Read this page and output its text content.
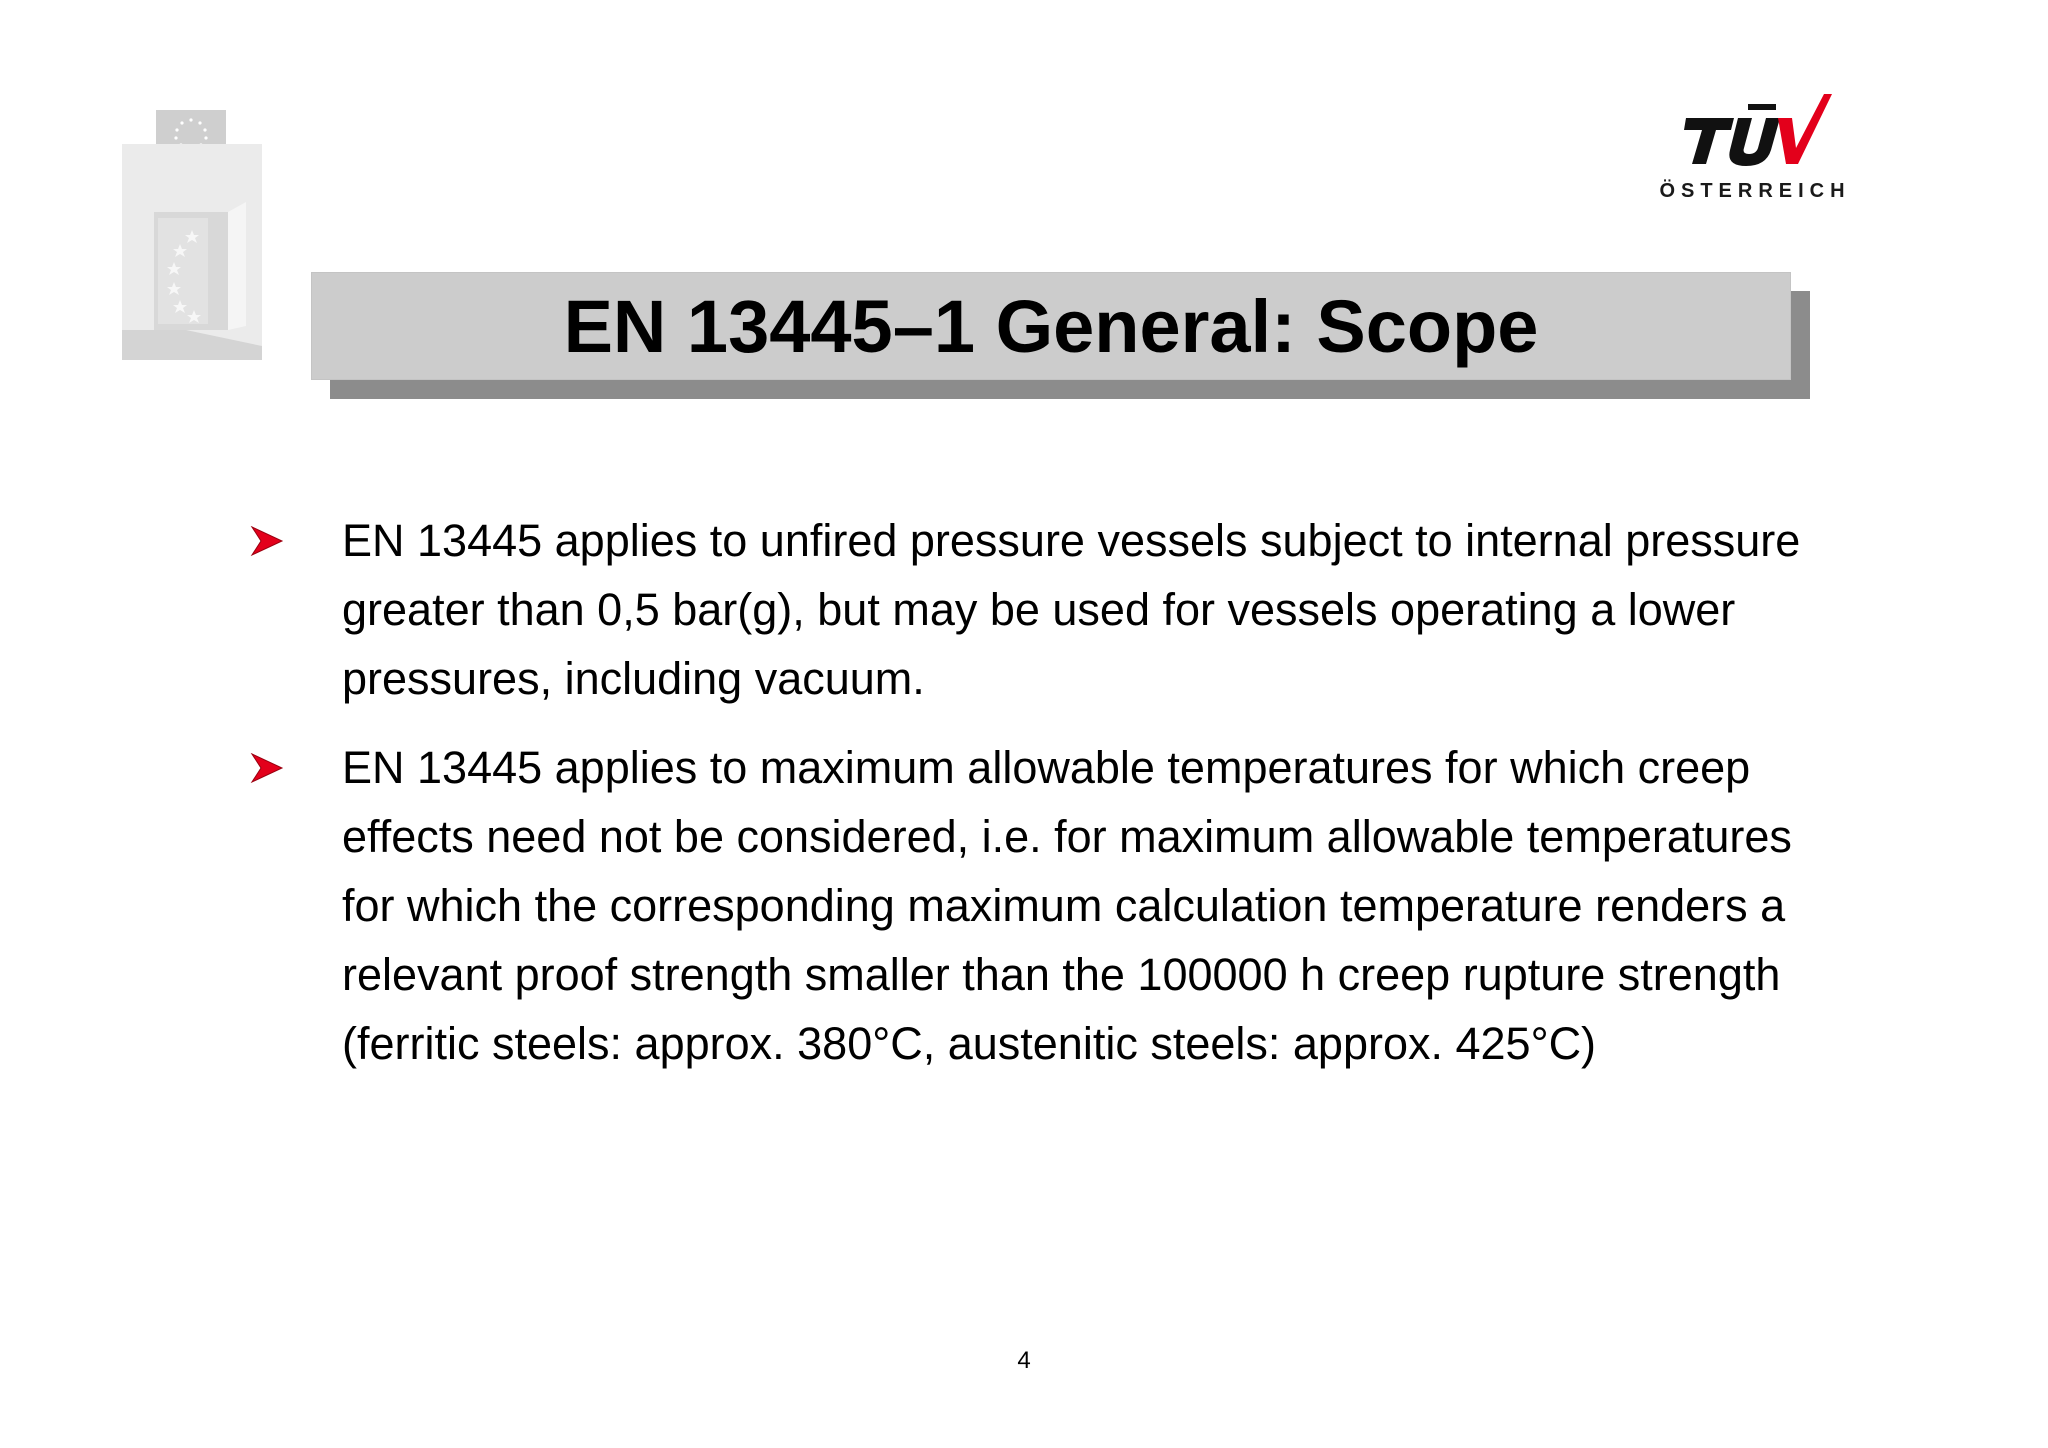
ÖSTERREICH
EN 13445–1 General: Scope
EN 13445 applies to unfired pressure vessels subject to internal pressure greater than 0,5 bar(g), but may be used for vessels operating a lower pressures, including vacuum.
EN 13445 applies to maximum allowable temperatures for which creep effects need not be considered, i.e. for maximum allowable temperatures for which the corresponding maximum calculation temperature renders a relevant proof strength smaller than the 100000 h creep rupture strength (ferritic steels: approx. 380°C, austenitic steels: approx. 425°C)
4
